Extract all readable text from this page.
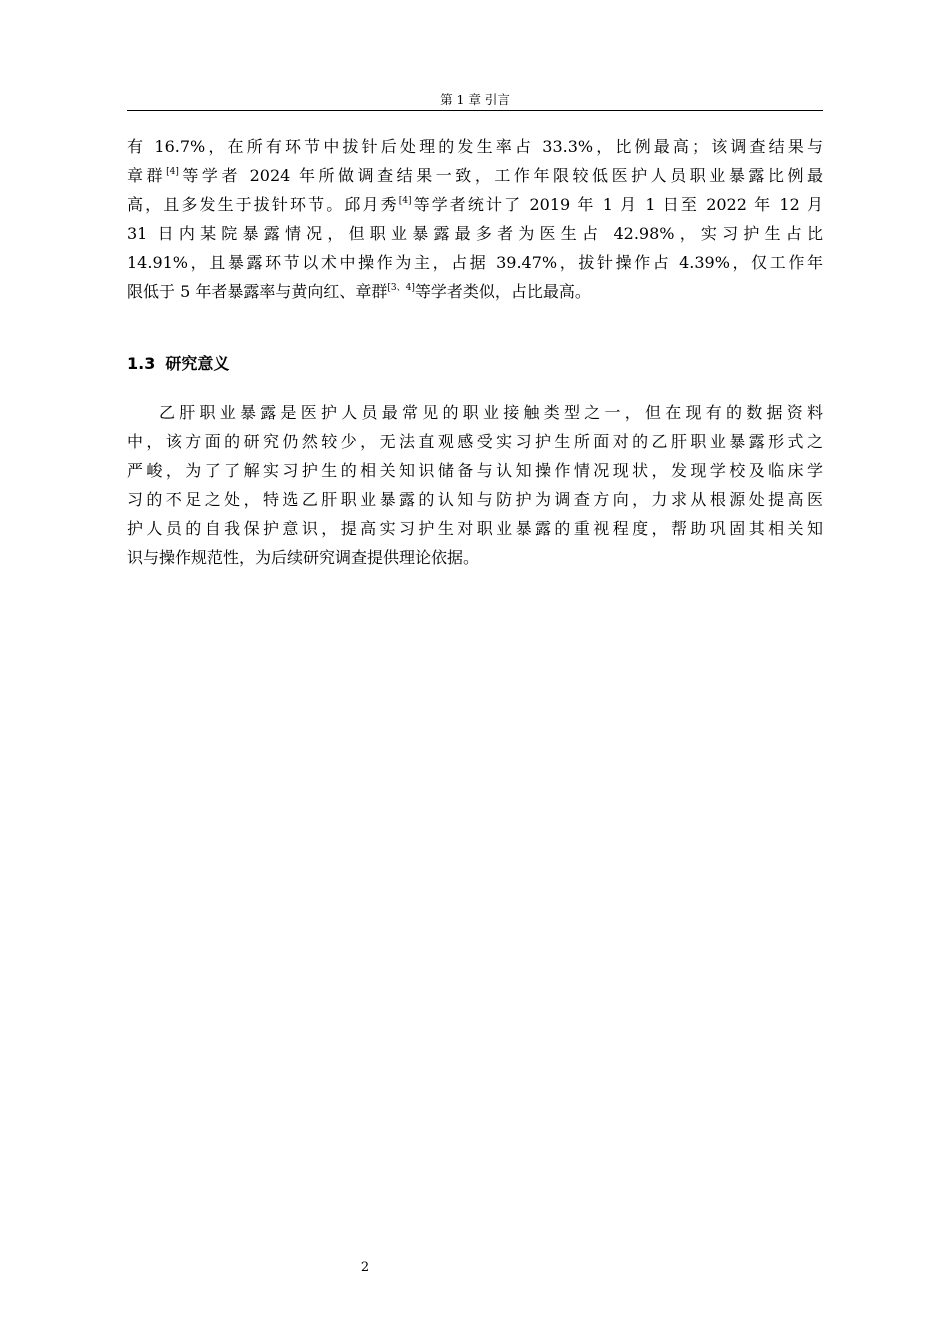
第 1 章 引言
有 16.7%，在所有环节中拔针后处理的发生率占 33.3%，比例最高；该调查结果与
章群[4]等学者 2024 年所做调查结果一致，工作年限较低医护人员职业暴露比例最
高，且多发生于拔针环节。邱月秀[4]等学者统计了 2019 年 1 月 1 日至 2022 年 12 月
31 日内某院暴露情况，但职业暴露最多者为医生占 42.98%，实习护生占比
14.91%，且暴露环节以术中操作为主，占据 39.47%，拔针操作占 4.39%，仅工作年
限低于 5 年者暴露率与黄向红、章群[3、4]等学者类似，占比最高。
1.3 研究意义
乙肝职业暴露是医护人员最常见的职业接触类型之一，但在现有的数据资料
中，该方面的研究仍然较少，无法直观感受实习护生所面对的乙肝职业暴露形式之
严峻，为了了解实习护生的相关知识储备与认知操作情况现状，发现学校及临床学
习的不足之处，特选乙肝职业暴露的认知与防护为调查方向，力求从根源处提高医
护人员的自我保护意识，提高实习护生对职业暴露的重视程度，帮助巩固其相关知
识与操作规范性，为后续研究调查提供理论依据。
2
